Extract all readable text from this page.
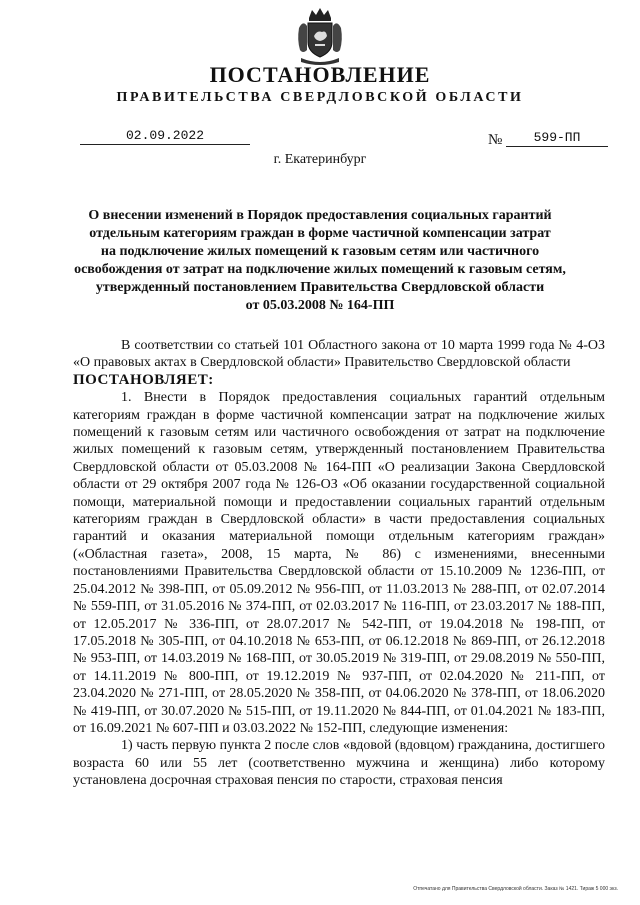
ПОСТАНОВЛЕНИЕ
ПРАВИТЕЛЬСТВА СВЕРДЛОВСКОЙ ОБЛАСТИ
02.09.2022	№	599-ПП
г. Екатеринбург
О внесении изменений в Порядок предоставления социальных гарантий
отдельным категориям граждан в форме частичной компенсации затрат
на подключение жилых помещений к газовым сетям или частичного
освобождения от затрат на подключение жилых помещений к газовым сетям,
утвержденный постановлением Правительства Свердловской области
от 05.03.2008 № 164-ПП

В соответствии со статьей 101 Областного закона от 10 марта 1999 года № 4-ОЗ «О правовых актах в Свердловской области» Правительство Свердловской области

ПОСТАНОВЛЯЕТ:

1. Внести в Порядок предоставления социальных гарантий отдельным категориям граждан в форме частичной компенсации затрат на подключение жилых помещений к газовым сетям или частичного освобождения от затрат на подключение жилых помещений к газовым сетям, утвержденный постановлением Правительства Свердловской области от 05.03.2008 № 164-ПП «О реализации Закона Свердловской области от 29 октября 2007 года № 126-ОЗ «Об оказании государственной социальной помощи, материальной помощи и предоставлении социальных гарантий отдельным категориям граждан в Свердловской области» в части предоставления социальных гарантий и оказания материальной помощи отдельным категориям граждан» («Областная газета», 2008, 15 марта, № 86) с изменениями, внесенными постановлениями Правительства Свердловской области от 15.10.2009 № 1236-ПП, от 25.04.2012 № 398-ПП, от 05.09.2012 № 956-ПП, от 11.03.2013 № 288-ПП, от 02.07.2014 № 559-ПП, от 31.05.2016 № 374-ПП, от 02.03.2017 № 116-ПП, от 23.03.2017 № 188-ПП, от 12.05.2017 № 336-ПП, от 28.07.2017 № 542-ПП, от 19.04.2018 № 198-ПП, от 17.05.2018 № 305-ПП, от 04.10.2018 № 653-ПП, от 06.12.2018 № 869-ПП, от 26.12.2018 № 953-ПП, от 14.03.2019 № 168-ПП, от 30.05.2019 № 319-ПП, от 29.08.2019 № 550-ПП, от 14.11.2019 № 800-ПП, от 19.12.2019 № 937-ПП, от 02.04.2020 № 211-ПП, от 23.04.2020 № 271-ПП, от 28.05.2020 № 358-ПП, от 04.06.2020 № 378-ПП, от 18.06.2020 № 419-ПП, от 30.07.2020 № 515-ПП, от 19.11.2020 № 844-ПП, от 01.04.2021 № 183-ПП, от 16.09.2021 № 607-ПП и 03.03.2022 № 152-ПП, следующие изменения:

1) часть первую пункта 2 после слов «вдовой (вдовцом) гражданина, достигшего возраста 60 или 55 лет (соответственно мужчина и женщина) либо которому установлена досрочная страховая пенсия по старости, страховая пенсия

Отпечатано для Правительства Свердловской области. Заказ № 1421. Тираж 5 000 экз.
